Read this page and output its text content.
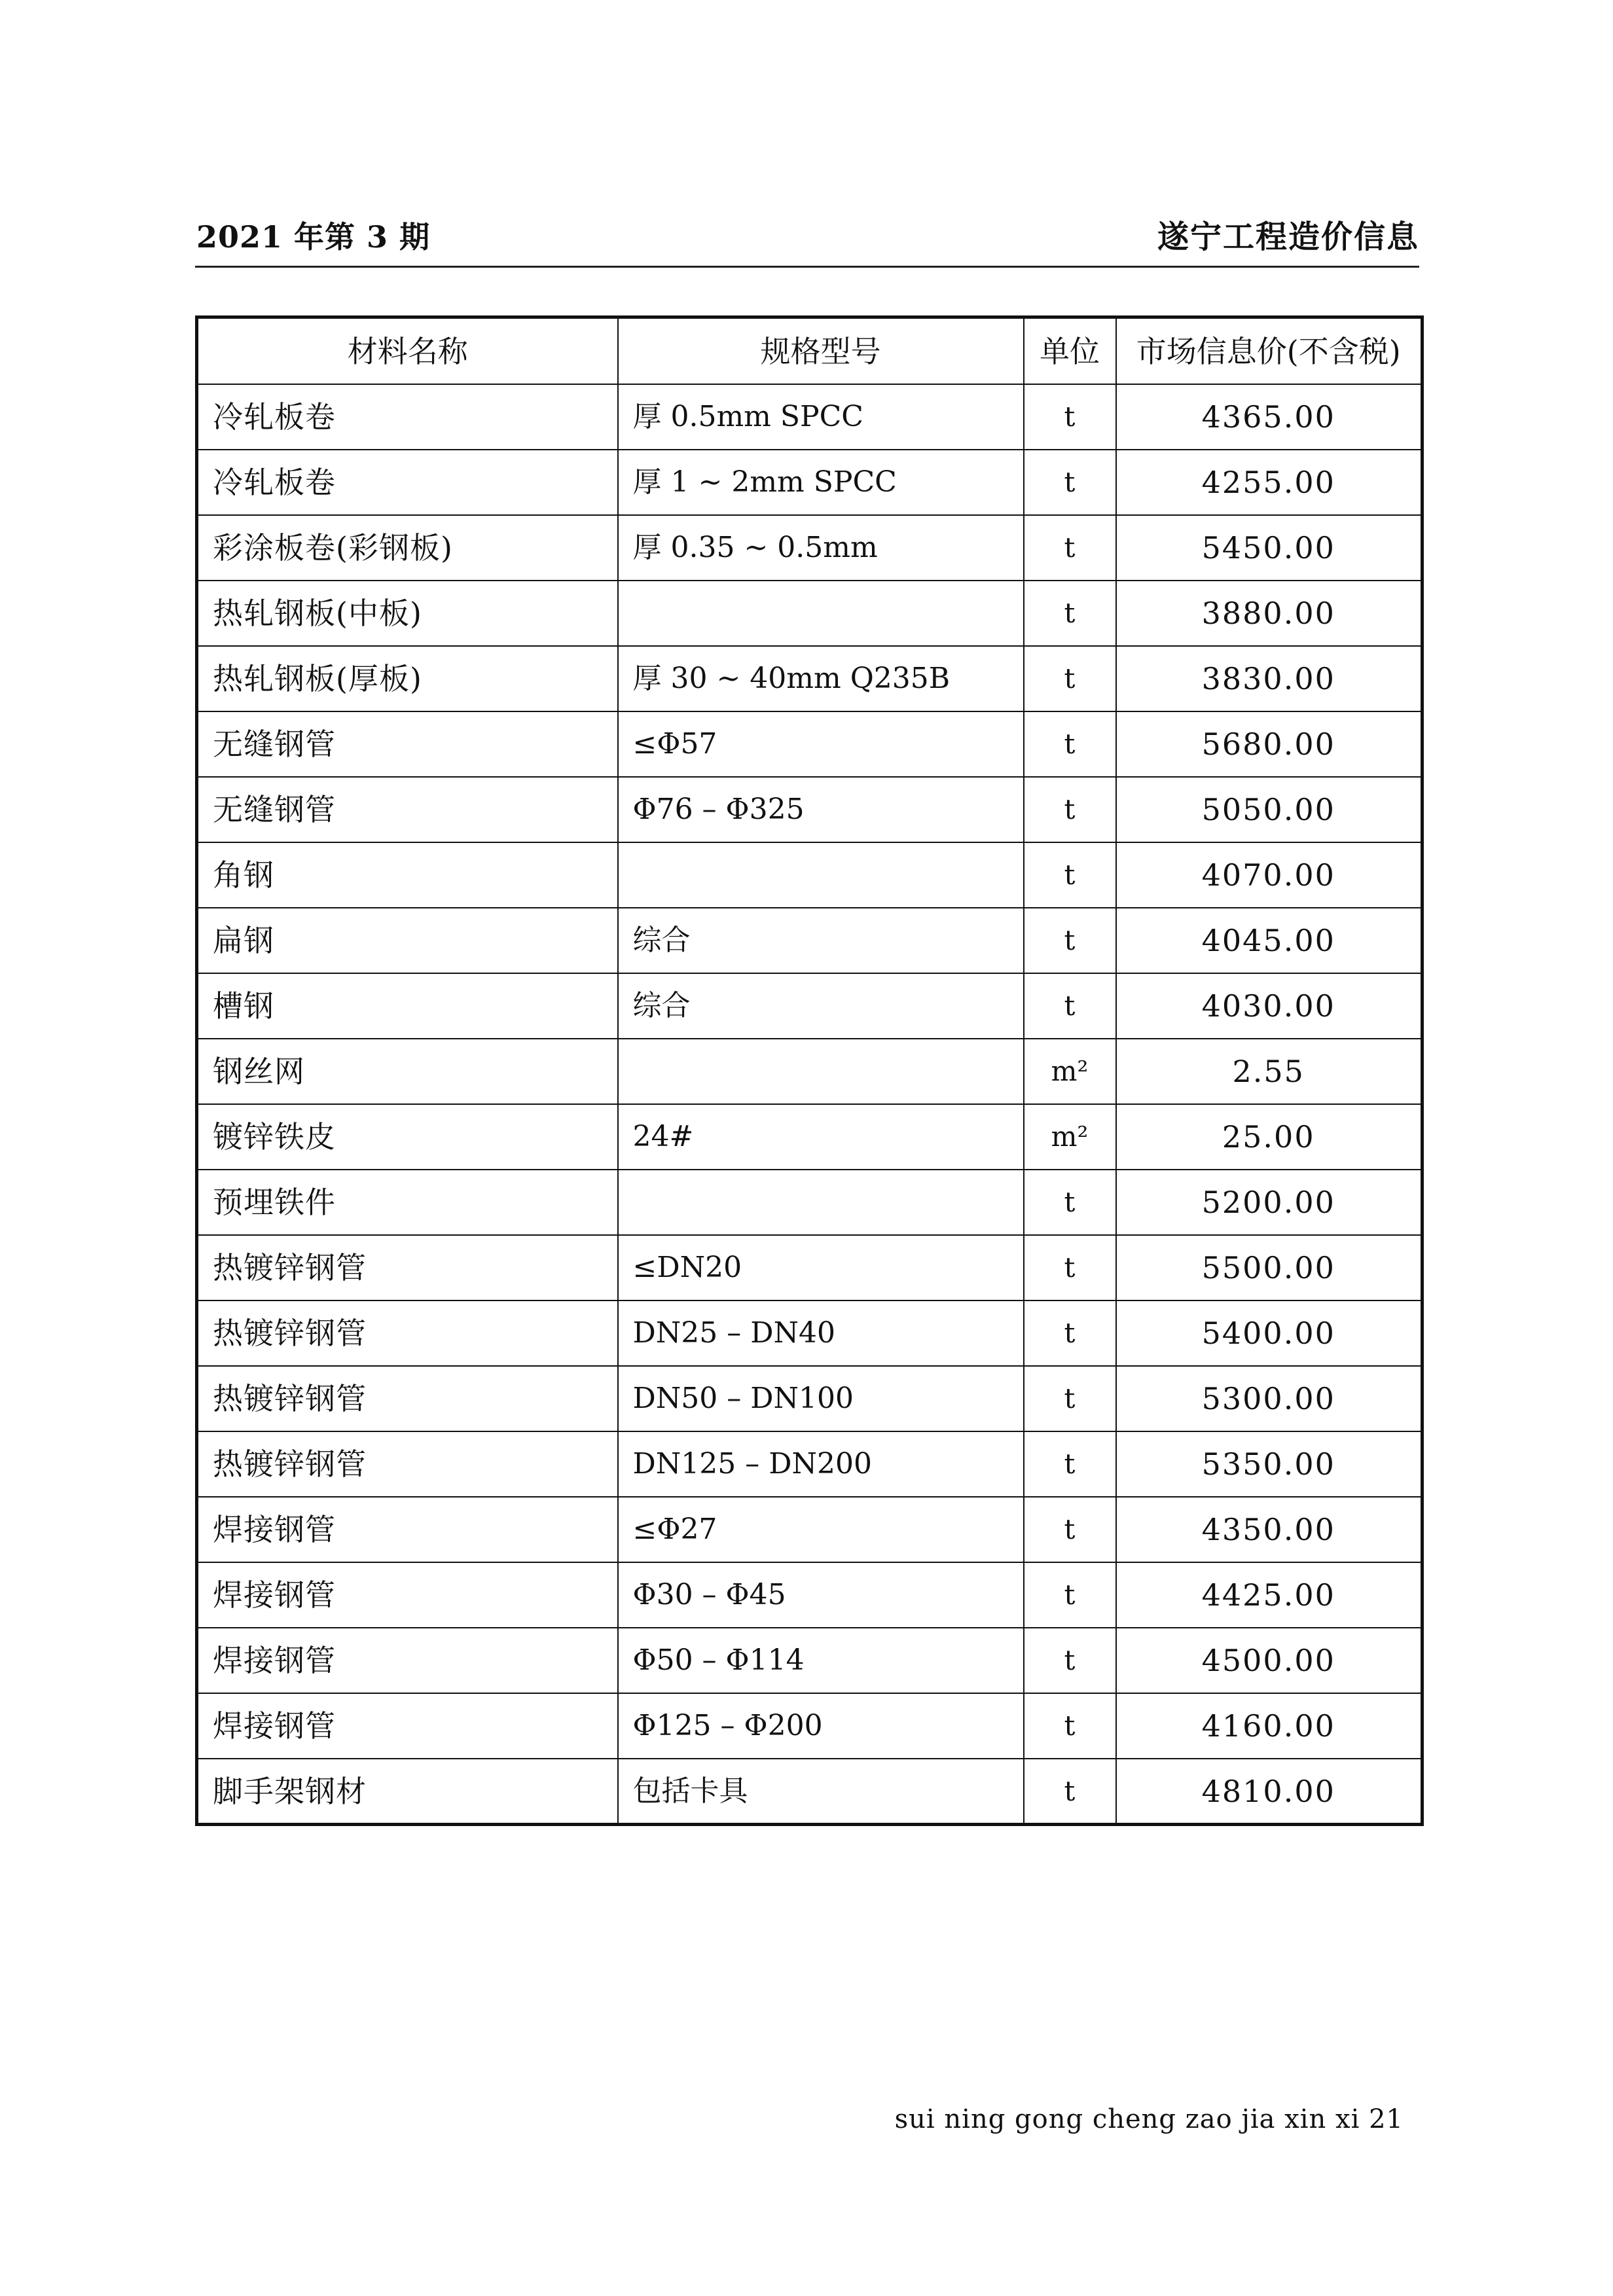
2021 年第 3 期	遂宁工程造价信息
材料名称	规格型号	单位	市场信息价(不含税)
冷轧板卷	厚 0.5mm SPCC	t	4365.00
冷轧板卷	厚 1 ~ 2mm SPCC	t	4255.00
彩涂板卷(彩钢板)	厚 0.35 ~ 0.5mm	t	5450.00
热轧钢板(中板)		t	3880.00
热轧钢板(厚板)	厚 30 ~ 40mm Q235B	t	3830.00
无缝钢管	≤Φ57	t	5680.00
无缝钢管	Φ76 – Φ325	t	5050.00
角钢		t	4070.00
扁钢	综合	t	4045.00
槽钢	综合	t	4030.00
钢丝网		m²	2.55
镀锌铁皮	24#	m²	25.00
预埋铁件		t	5200.00
热镀锌钢管	≤DN20	t	5500.00
热镀锌钢管	DN25 – DN40	t	5400.00
热镀锌钢管	DN50 – DN100	t	5300.00
热镀锌钢管	DN125 – DN200	t	5350.00
焊接钢管	≤Φ27	t	4350.00
焊接钢管	Φ30 – Φ45	t	4425.00
焊接钢管	Φ50 – Φ114	t	4500.00
焊接钢管	Φ125 – Φ200	t	4160.00
脚手架钢材	包括卡具	t	4810.00
sui ning gong cheng zao jia xin xi 21
